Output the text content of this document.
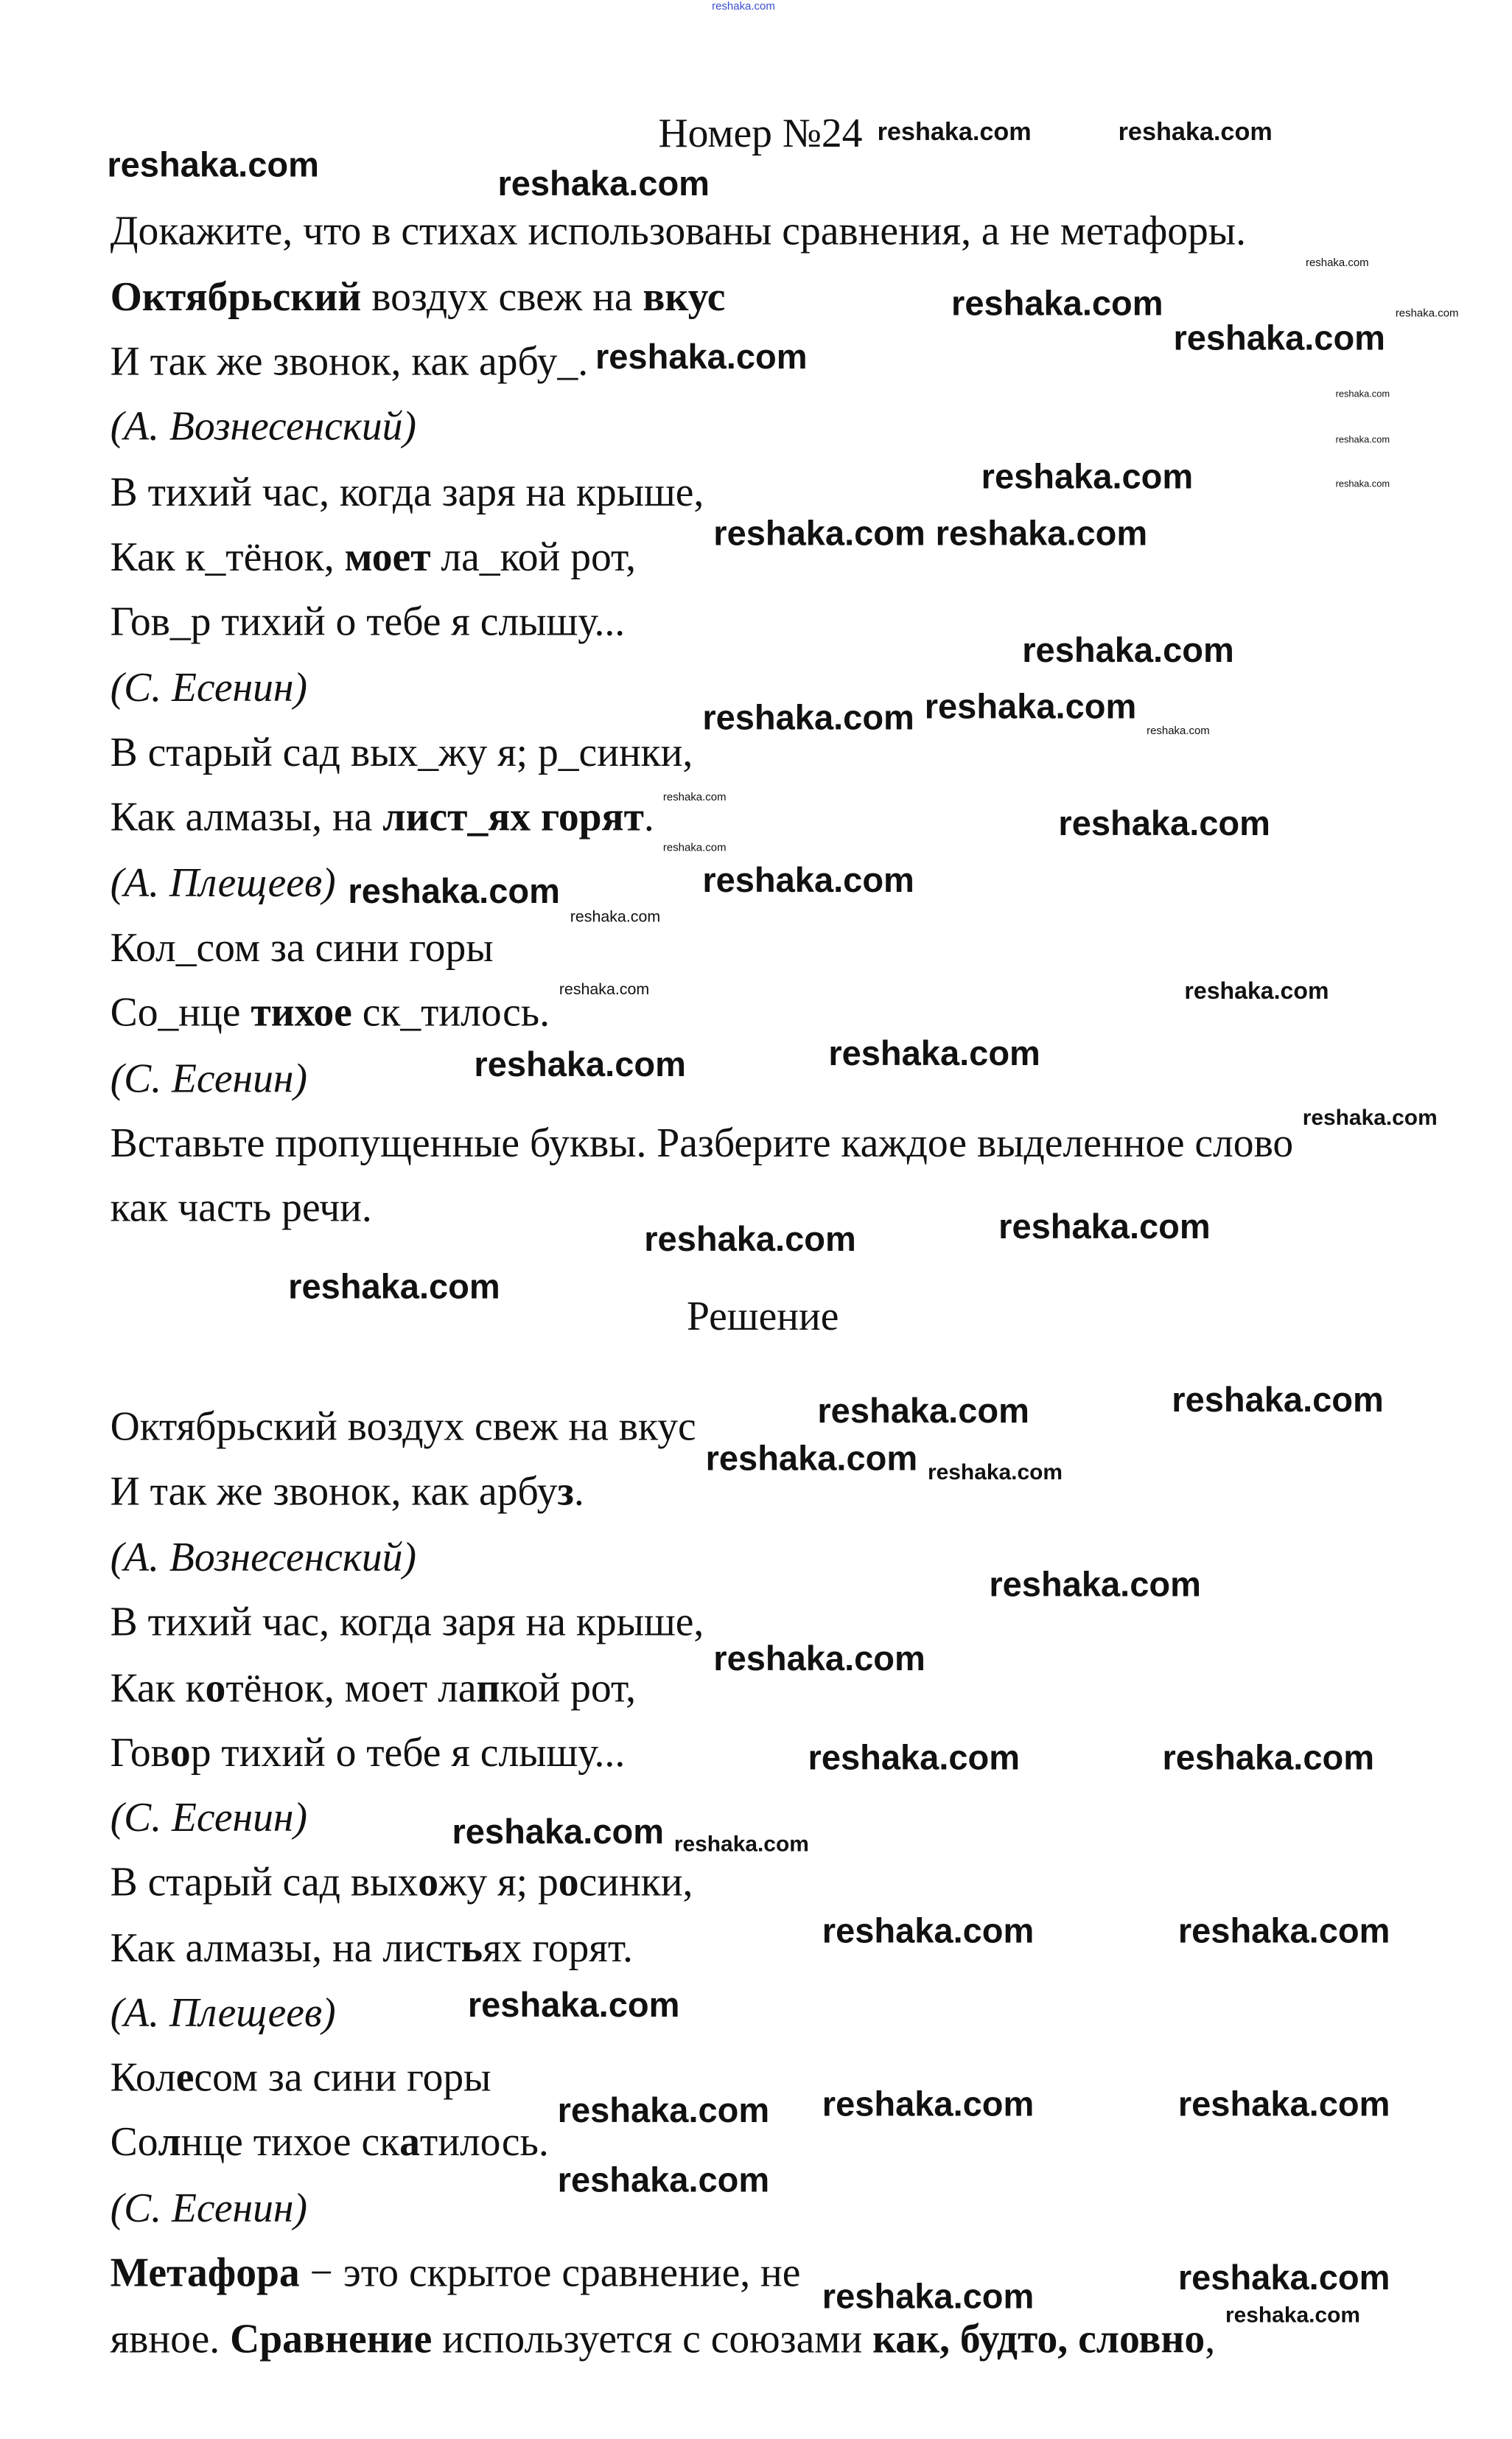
reshaka.com
Номер №24
Докажите, что в стихах использованы сравнения, а не метафоры.
Октябрьский воздух свеж на вкус
И так же звонок, как арбу_.
(А. Вознесенский)
В тихий час, когда заря на крыше,
Как к_тёнок, моет ла_кой рот,
Гов_р тихий о тебе я слышу...
(С. Есенин)
В старый сад вых_жу я; р_синки,
Как алмазы, на лист_ях горят.
(А. Плещеев)
Кол_сом за сини горы
Со_нце тихое ск_тилось.
(С. Есенин)
Вставьте пропущенные буквы. Разберите каждое выделенное слово
как часть речи.
Решение
Октябрьский воздух свеж на вкус
И так же звонок, как арбуз.
(А. Вознесенский)
В тихий час, когда заря на крыше,
Как котёнок, моет лапкой рот,
Говор тихий о тебе я слышу...
(С. Есенин)
В старый сад выхожу я; росинки,
Как алмазы, на листьях горят.
(А. Плещеев)
Колесом за сини горы
Солнце тихое скатилось.
(С. Есенин)
Метафора − это скрытое сравнение, не
явное. Сравнение используется с союзами как, будто, словно,
reshaka.com	reshaka.com
reshaka.com	reshaka.com
reshaka.com
reshaka.com
reshaka.com
reshaka.com
reshaka.com reshaka.com
reshaka.com
reshaka.com reshaka.com
reshaka.com
reshaka.com	reshaka.com
reshaka.com
reshaka.com	reshaka.com
reshaka.com	reshaka.com
reshaka.com
reshaka.com	reshaka.com
reshaka.com
reshaka.com
reshaka.com
reshaka.com	reshaka.com
reshaka.com
reshaka.com	reshaka.com
reshaka.com
reshaka.com	reshaka.com
reshaka.com
reshaka.com
reshaka.com
reshaka.com
reshaka.com
reshaka.com
reshaka.com
reshaka.com
reshaka.com
reshaka.com
reshaka.com
reshaka.com
reshaka.com
reshaka.com
reshaka.com
reshaka.com
reshaka.com
reshaka.com
